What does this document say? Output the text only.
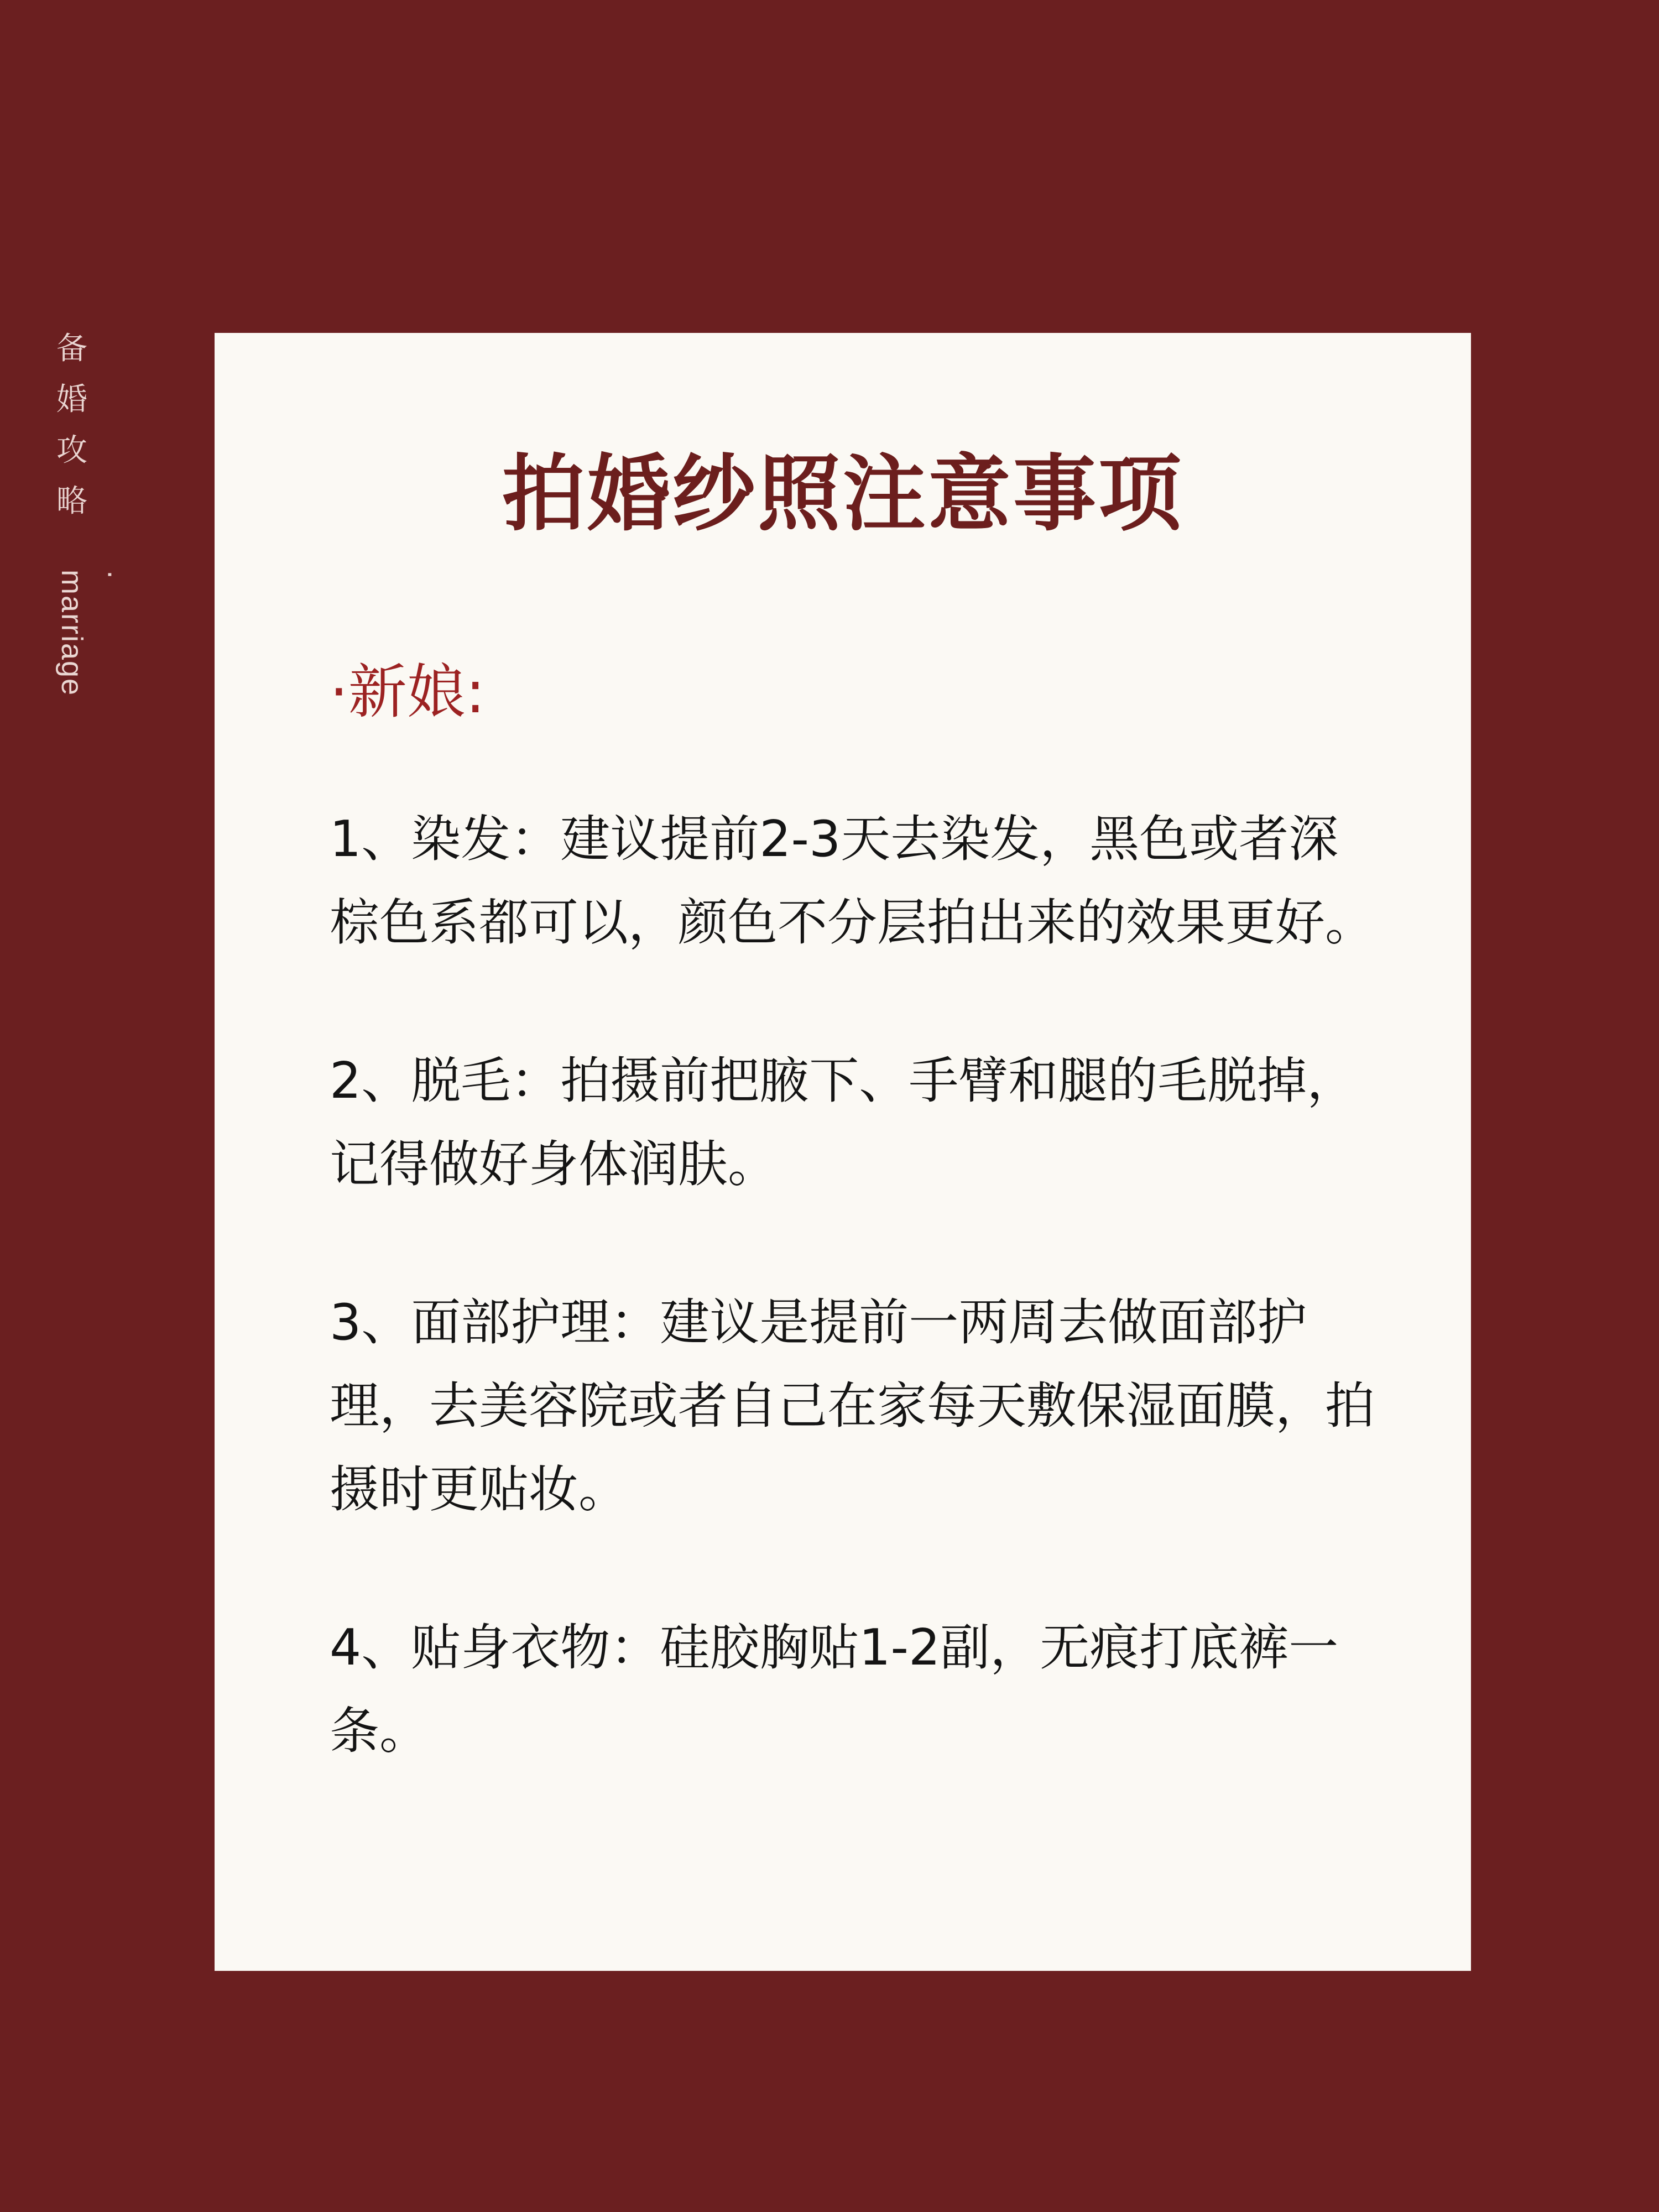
备
婚
攻
略
· marriage
拍婚纱照注意事项
·新娘:

1、染发：建议提前2-3天去染发，黑色或者深棕色系都可以，颜色不分层拍出来的效果更好。

2、脱毛：拍摄前把腋下、手臂和腿的毛脱掉，记得做好身体润肤。

3、面部护理：建议是提前一两周去做面部护理，去美容院或者自己在家每天敷保湿面膜，拍摄时更贴妆。

4、贴身衣物：硅胶胸贴1-2副，无痕打底裤一条。
